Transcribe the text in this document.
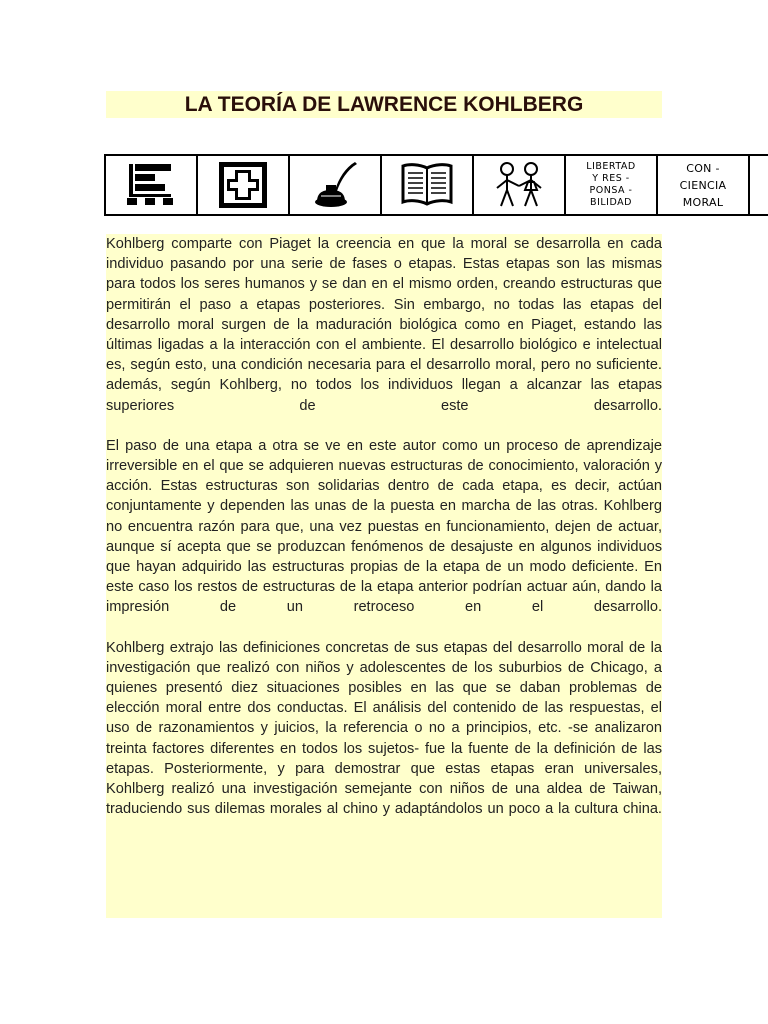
LA TEORÍA DE LAWRENCE KOHLBERG
LIBERTAD
Y RES -
PONSA -
BILIDAD
CON -
CIENCIA
MORAL

Kohlberg comparte con Piaget la creencia en que la moral se desarrolla en cada individuo pasando por una serie de fases o etapas. Estas etapas son las mismas para todos los seres humanos y se dan en el mismo orden, creando estructuras que permitirán el paso a etapas posteriores. Sin embargo, no todas las etapas del desarrollo moral surgen de la maduración biológica como en Piaget, estando las últimas ligadas a la interacción con el ambiente. El desarrollo biológico e intelectual es, según esto, una condición necesaria para el desarrollo moral, pero no suficiente. además, según Kohlberg, no todos los individuos llegan a alcanzar las etapas superiores de este desarrollo.

El paso de una etapa a otra se ve en este autor como un proceso de aprendizaje irreversible en el que se adquieren nuevas estructuras de conocimiento, valoración y acción. Estas estructuras son solidarias dentro de cada etapa, es decir, actúan conjuntamente y dependen las unas de la puesta en marcha de las otras. Kohlberg no encuentra razón para que, una vez puestas en funcionamiento, dejen de actuar, aunque sí acepta que se produzcan fenómenos de desajuste en algunos individuos que hayan adquirido las estructuras propias de la etapa de un modo deficiente. En este caso los restos de estructuras de la etapa anterior podrían actuar aún, dando la impresión de un retroceso en el desarrollo.

Kohlberg extrajo las definiciones concretas de sus etapas del desarrollo moral de la investigación que realizó con niños y adolescentes de los suburbios de Chicago, a quienes presentó diez situaciones posibles en las que se daban problemas de elección moral entre dos conductas. El análisis del contenido de las respuestas, el uso de razonamientos y juicios, la referencia o no a principios, etc. -se analizaron treinta factores diferentes en todos los sujetos- fue la fuente de la definición de las etapas. Posteriormente, y para demostrar que estas etapas eran universales, Kohlberg realizó una investigación semejante con niños de una aldea de Taiwan, traduciendo sus dilemas morales al chino y adaptándolos un poco a la cultura china.
